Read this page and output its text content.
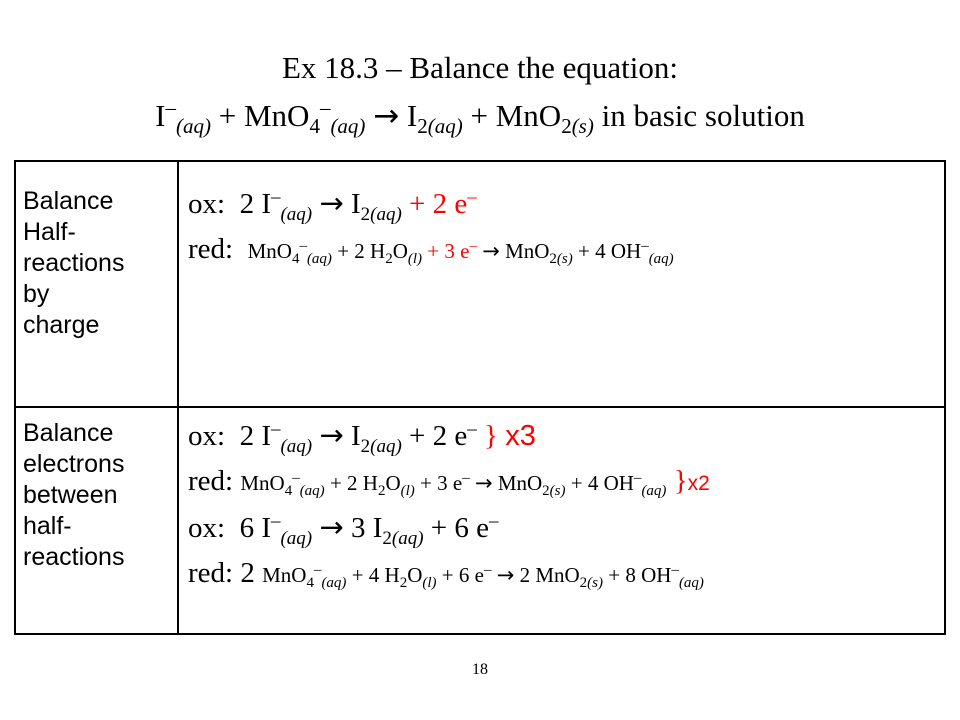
Ex 18.3 – Balance the equation:
$I^-_{(aq)} + MnO_4^-_{(aq)} \to I_{2(aq)} + MnO_{2(s)}$ in basic solution
Balance
Half-
reactions
by
charge
ox: 2 $I^-_{(aq)} \to I_{2(aq)} + 2$ e–
red: MnO$_4$–$_{(aq)}$ + 2 $H_2O_{(l)} + 3$ e– → MnO$_{2(s)}$ + 4 $OH^-_{(aq)}$
Balance
electrons
between
half-
reactions
ox: 2 $I^-_{(aq)} \to I_{2(aq)} + 2$ e– } x3
red: MnO$_4$–$_{(aq)}$ + 2 $H_2O_{(l)} + 3$ e– → MnO$_{2(s)}$ + 4 $OH^-_{(aq)}$ }x2
ox: 6 $I^-_{(aq)} \to 3$ $I_{2(aq)} + 6$ e–
red: 2 MnO$_4$–$_{(aq)}$ + 4 $H_2O_{(l)} + 6$ e– → 2 MnO$_{2(s)}$ + 8 $OH^-_{(aq)}$
18
